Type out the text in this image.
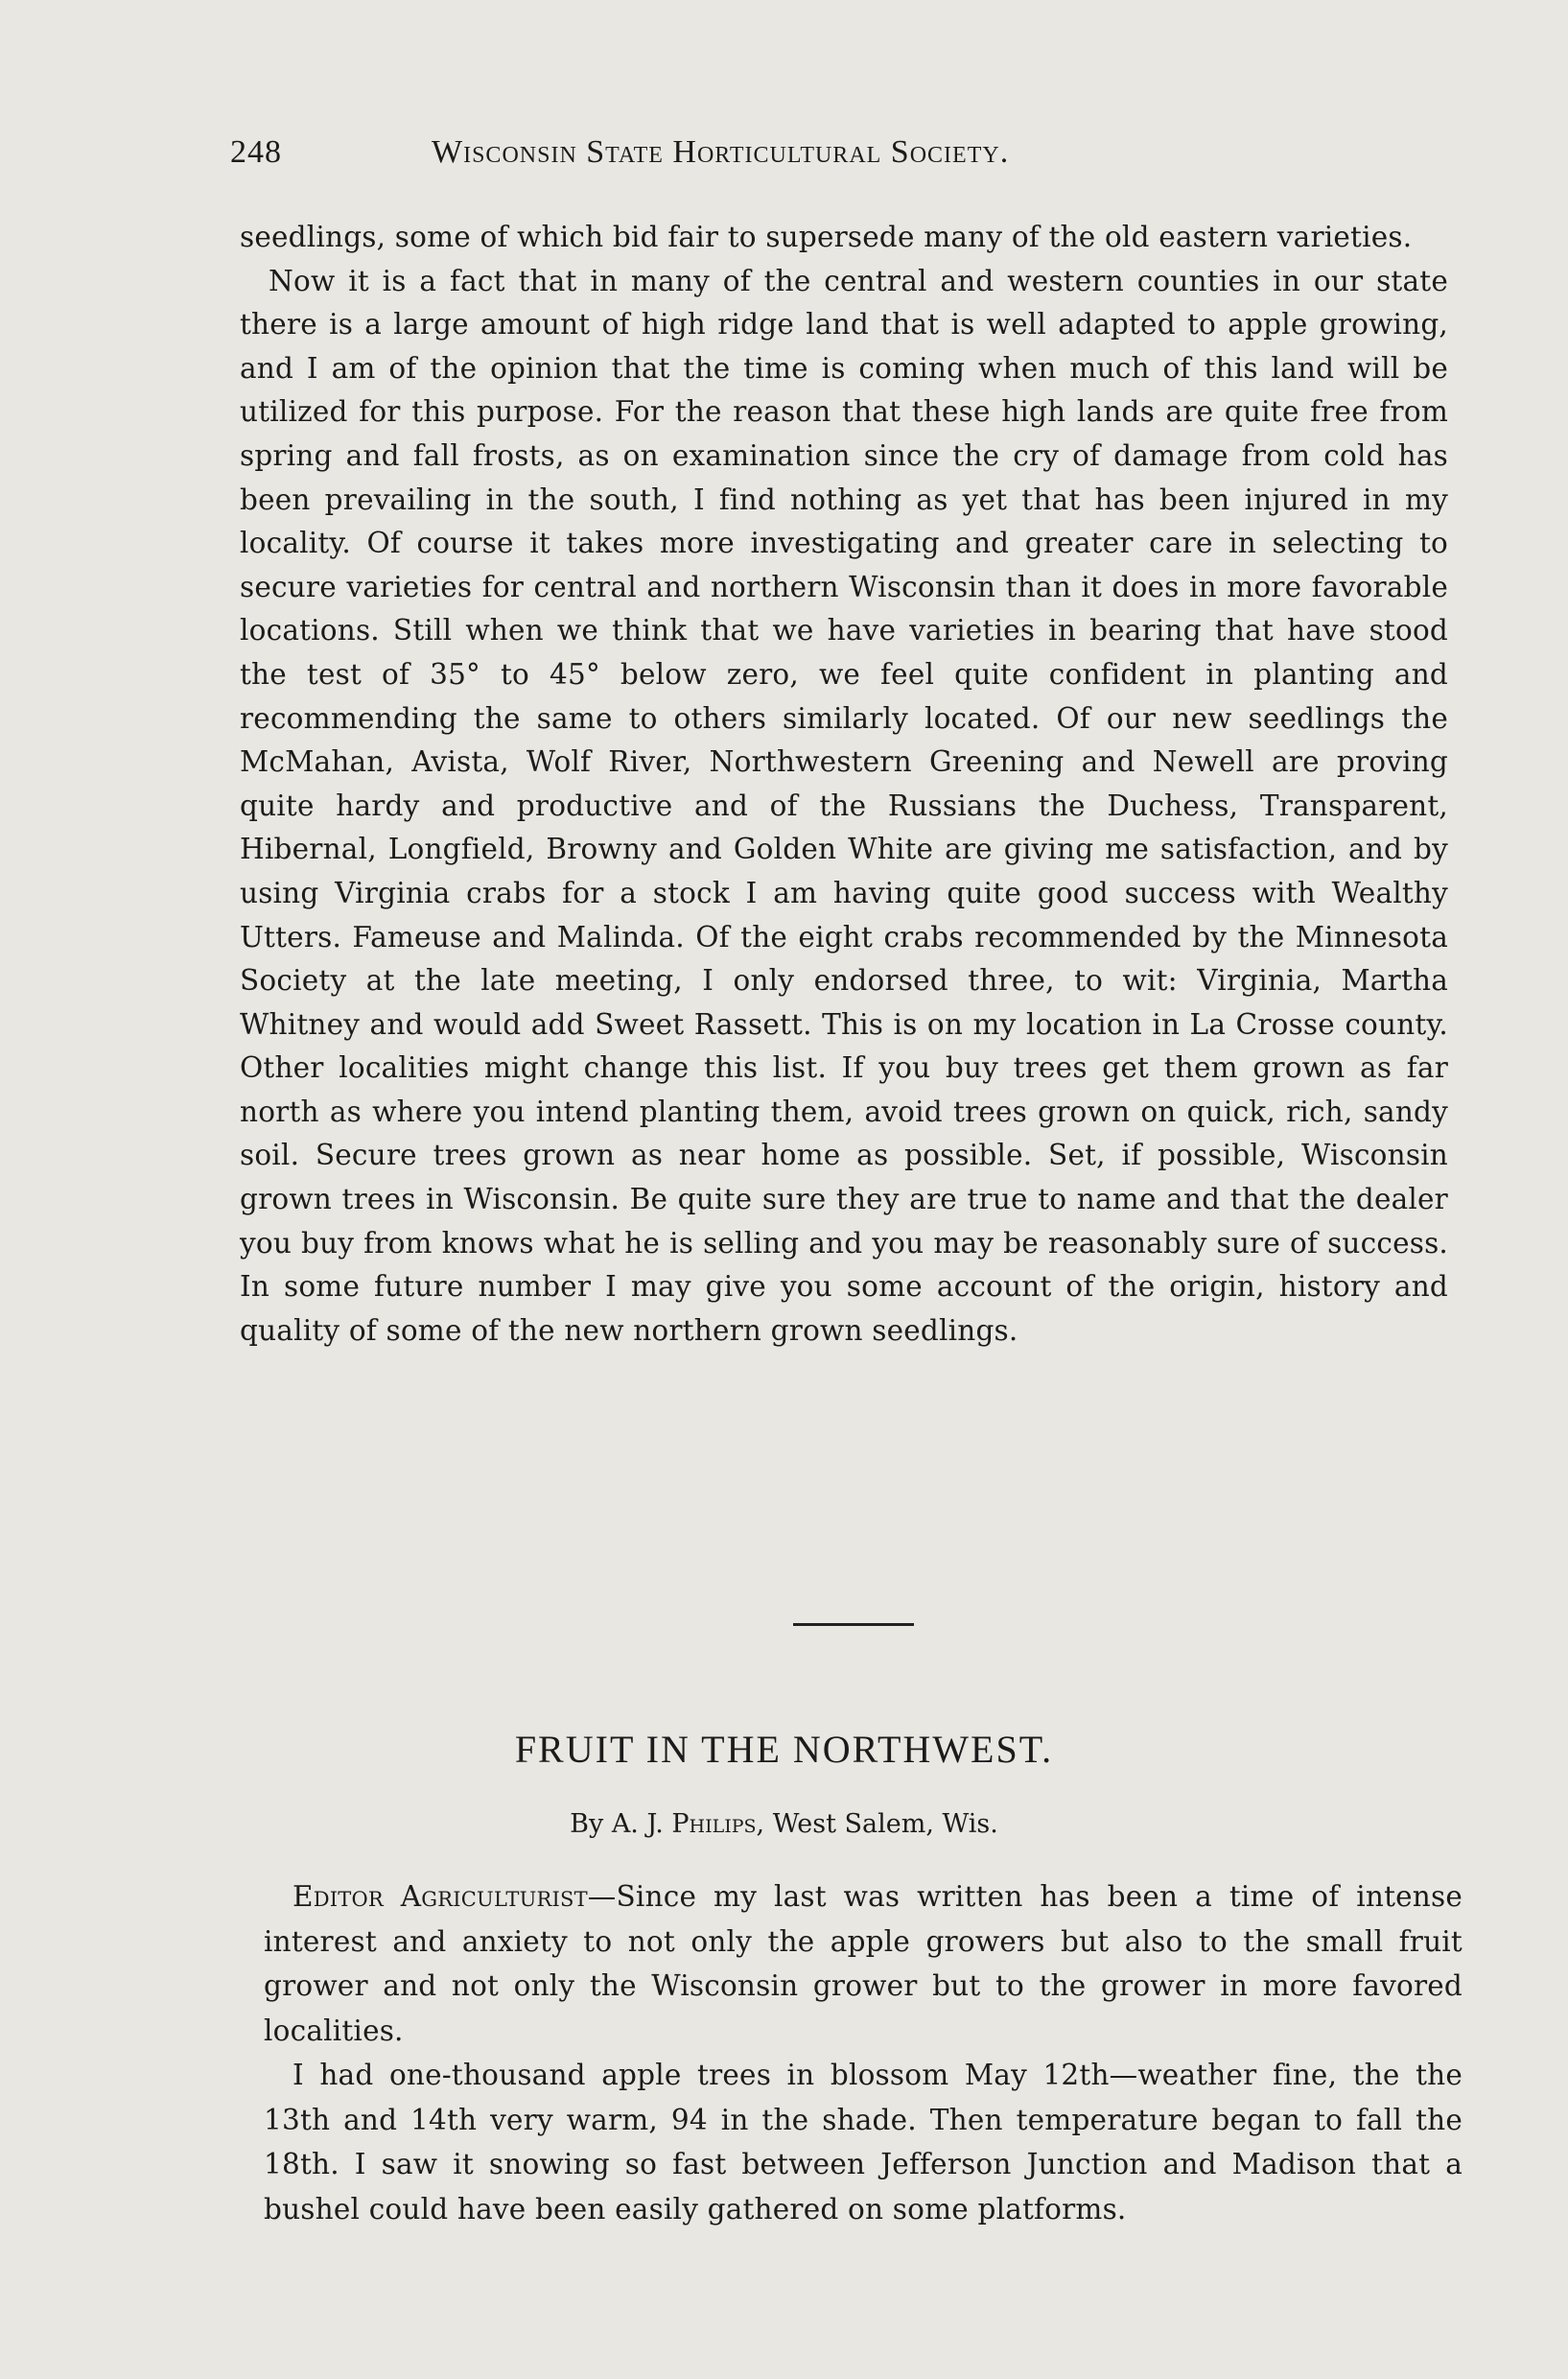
248	Wisconsin State Horticultural Society.

seedlings, some of which bid fair to supersede many of the old eastern varieties.

Now it is a fact that in many of the central and western counties in our state there is a large amount of high ridge land that is well adapted to apple growing, and I am of the opinion that the time is coming when much of this land will be utilized for this purpose. For the reason that these high lands are quite free from spring and fall frosts, as on examination since the cry of damage from cold has been prevailing in the south, I find nothing as yet that has been injured in my locality. Of course it takes more investigating and greater care in selecting to secure varieties for central and northern Wisconsin than it does in more favorable locations. Still when we think that we have varieties in bearing that have stood the test of 35° to 45° below zero, we feel quite confident in planting and recommending the same to others similarly located. Of our new seedlings the McMahan, Avista, Wolf River, Northwestern Greening and Newell are proving quite hardy and productive and of the Russians the Duchess, Transparent, Hibernal, Longfield, Browny and Golden White are giving me satisfaction, and by using Virginia crabs for a stock I am having quite good success with Wealthy Utters. Fameuse and Malinda. Of the eight crabs recommended by the Minnesota Society at the late meeting, I only endorsed three, to wit: Virginia, Martha Whitney and would add Sweet Rassett. This is on my location in La Crosse county. Other localities might change this list. If you buy trees get them grown as far north as where you intend planting them, avoid trees grown on quick, rich, sandy soil. Secure trees grown as near home as possible. Set, if possible, Wisconsin grown trees in Wisconsin. Be quite sure they are true to name and that the dealer you buy from knows what he is selling and you may be reasonably sure of success. In some future number I may give you some account of the origin, history and quality of some of the new northern grown seedlings.

FRUIT IN THE NORTHWEST.
By A. J. Philips, West Salem, Wis.

Editor Agriculturist—Since my last was written has been a time of intense interest and anxiety to not only the apple growers but also to the small fruit grower and not only the Wisconsin grower but to the grower in more favored localities.

I had one-thousand apple trees in blossom May 12th—weather fine, the the 13th and 14th very warm, 94 in the shade. Then temperature began to fall the 18th. I saw it snowing so fast between Jefferson Junction and Madison that a bushel could have been easily gathered on some platforms.
